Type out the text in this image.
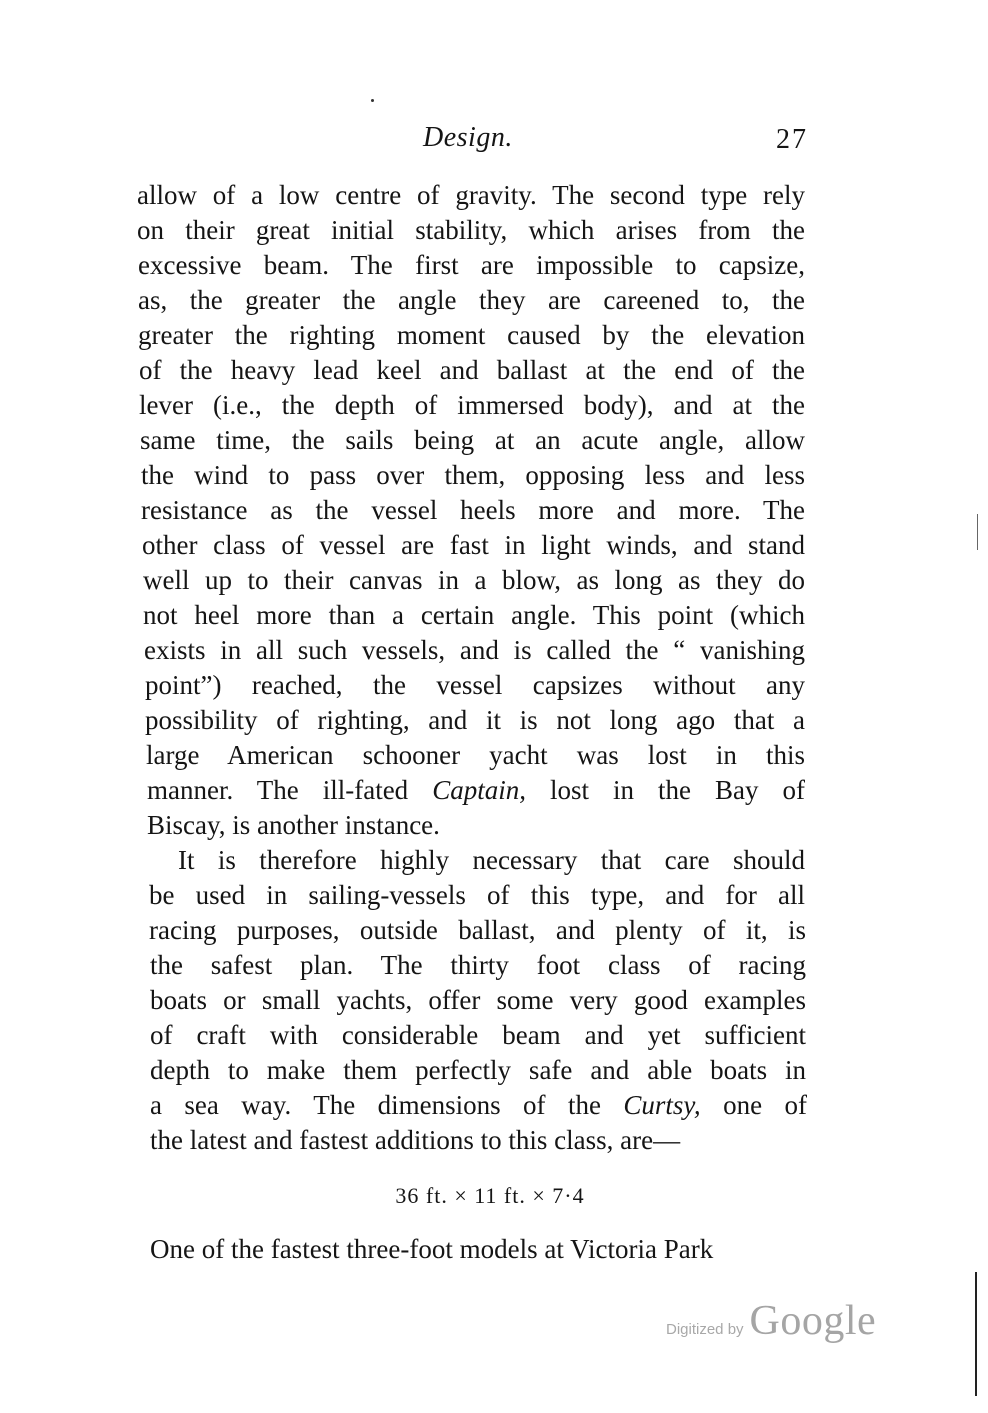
Design.	27
allow of a low centre of gravity. The second type rely
on their great initial stability, which arises from the
excessive beam. The first are impossible to capsize,
as, the greater the angle they are careened to, the
greater the righting moment caused by the elevation
of the heavy lead keel and ballast at the end of the
lever (i.e., the depth of immersed body), and at the
same time, the sails being at an acute angle, allow
the wind to pass over them, opposing less and less
resistance as the vessel heels more and more. The
other class of vessel are fast in light winds, and stand
well up to their canvas in a blow, as long as they do
not heel more than a certain angle. This point (which
exists in all such vessels, and is called the “ vanishing
point”) reached, the vessel capsizes without any
possibility of righting, and it is not long ago that a
large American schooner yacht was lost in this
manner. The ill-fated Captain, lost in the Bay of
Biscay, is another instance.
It is therefore highly necessary that care should
be used in sailing-vessels of this type, and for all
racing purposes, outside ballast, and plenty of it, is
the safest plan. The thirty foot class of racing
boats or small yachts, offer some very good examples
of craft with considerable beam and yet sufficient
depth to make them perfectly safe and able boats in
a sea way. The dimensions of the Curtsy, one of
the latest and fastest additions to this class, are—
36 ft. × 11 ft. × 7·4
One of the fastest three-foot models at Victoria Park
Digitized by Google
